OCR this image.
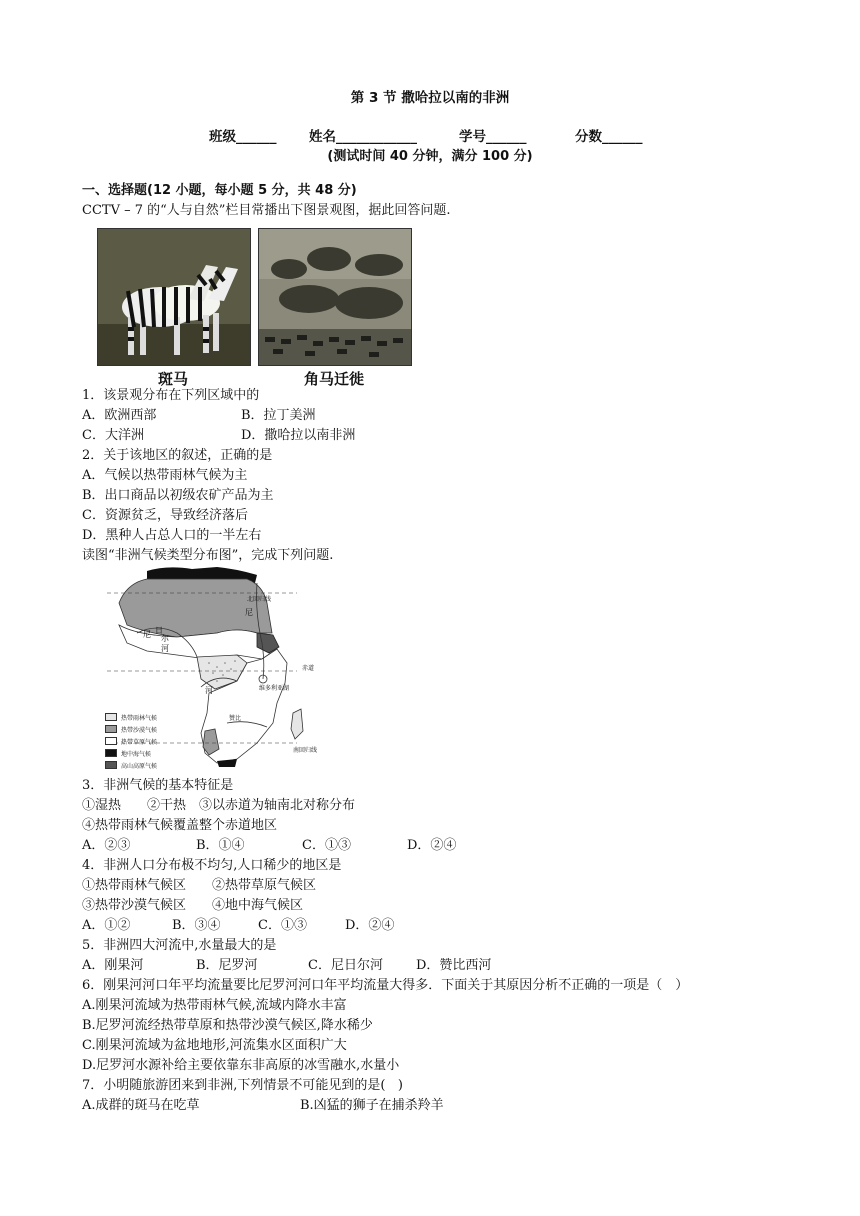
第 3 节 撒哈拉以南的非洲
班级______ 姓名____________	学号______	分数______
(测试时间 40 分钟，满分 100 分)
一、选择题(12 小题，每小题 5 分，共 48 分)
CCTV – 7 的“人与自然”栏目常播出下图景观图，据此回答问题.
斑马	角马迁徙
1．该景观分布在下列区域中的
A．欧洲西部	B．拉丁美洲
C．大洋洲	D．撒哈拉以南非洲
2．关于该地区的叙述，正确的是
A．气候以热带雨林气候为主
B．出口商品以初级农矿产品为主
C．资源贫乏，导致经济落后
D．黑种人占总人口的一半左右
读图“非洲气候类型分布图”，完成下列问题.
北回归线
尼 日
尔
河
尼
赤道
维多利亚湖
河
赞比
南回归线
热带雨林气候
热带沙漠气候
热带草原气候
地中海气候
高山高原气候
3．非洲气候的基本特征是
①湿热　　②干热　③以赤道为轴南北对称分布
④热带雨林气候覆盖整个赤道地区
A．②③	B．①④	C．①③	D．②④
4．非洲人口分布极不均匀,人口稀少的地区是
①热带雨林气候区　　②热带草原气候区
③热带沙漠气候区　　④地中海气候区
A．①②	B．③④	C．①③	D．②④
5．非洲四大河流中,水量最大的是
A．刚果河	B．尼罗河	C．尼日尔河	D．赞比西河
6．刚果河河口年平均流量要比尼罗河河口年平均流量大得多．下面关于其原因分析不正确的一项是（　）
A.刚果河流域为热带雨林气候,流域内降水丰富
B.尼罗河流经热带草原和热带沙漠气候区,降水稀少
C.刚果河流域为盆地地形,河流集水区面积广大
D.尼罗河水源补给主要依靠东非高原的冰雪融水,水量小
7．小明随旅游团来到非洲,下列情景不可能见到的是(   )
A.成群的斑马在吃草	B.凶猛的狮子在捕杀羚羊
